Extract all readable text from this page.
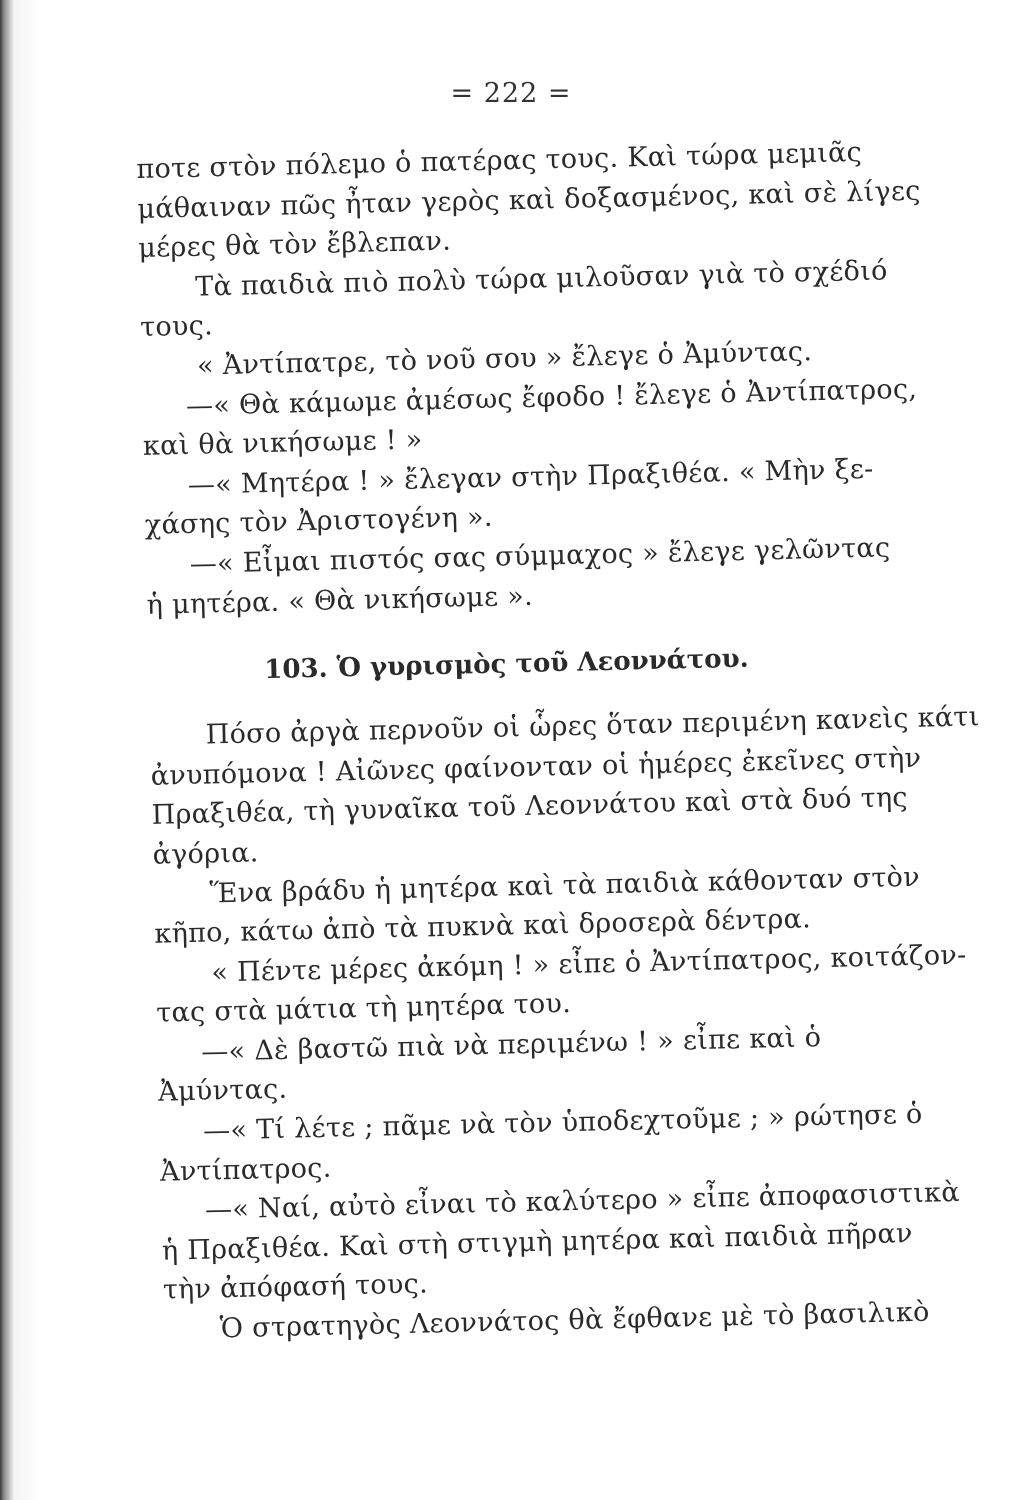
= 222 =
ποτε στὸν πόλεμο ὁ πατέρας τους. Καὶ τώρα μεμιᾶς
μάθαιναν πῶς ἦταν γερὸς καὶ δοξασμένος, καὶ σὲ λίγες
μέρες θὰ τὸν ἔβλεπαν.
Τὰ παιδιὰ πιὸ πολὺ τώρα μιλοῦσαν γιὰ τὸ σχέδιό
τους.
« Ἀντίπατρε, τὸ νοῦ σου » ἔλεγε ὁ Ἀμύντας.
—« Θὰ κάμωμε ἀμέσως ἔφοδο ! ἔλεγε ὁ Ἀντίπατρος,
καὶ θὰ νικήσωμε ! »
—« Μητέρα ! » ἔλεγαν στὴν Πραξιθέα. « Μὴν ξε-
χάσης τὸν Ἀριστογένη ».
—« Εἶμαι πιστός σας σύμμαχος » ἔλεγε γελῶντας
ἡ μητέρα. « Θὰ νικήσωμε ».
103. Ὁ γυρισμὸς τοῦ Λεοννάτου.
Πόσο ἀργὰ περνοῦν οἱ ὧρες ὅταν περιμένη κανεὶς κάτι
ἀνυπόμονα ! Αἰῶνες φαίνονταν οἱ ἡμέρες ἐκεῖνες στὴν
Πραξιθέα, τὴ γυναῖκα τοῦ Λεοννάτου καὶ στὰ δυό της
ἀγόρια.
Ἕνα βράδυ ἡ μητέρα καὶ τὰ παιδιὰ κάθονταν στὸν
κῆπο, κάτω ἀπὸ τὰ πυκνὰ καὶ δροσερὰ δέντρα.
« Πέντε μέρες ἀκόμη ! » εἶπε ὁ Ἀντίπατρος, κοιτάζον-
τας στὰ μάτια τὴ μητέρα του.
—« Δὲ βαστῶ πιὰ νὰ περιμένω ! » εἶπε καὶ ὁ
Ἀμύντας.
—« Τί λέτε ; πᾶμε νὰ τὸν ὑποδεχτοῦμε ; » ρώτησε ὁ
Ἀντίπατρος.
—« Ναί, αὐτὸ εἶναι τὸ καλύτερο » εἶπε ἀποφασιστικὰ
ἡ Πραξιθέα. Καὶ στὴ στιγμὴ μητέρα καὶ παιδιὰ πῆραν
τὴν ἀπόφασή τους.
Ὁ στρατηγὸς Λεοννάτος θὰ ἔφθανε μὲ τὸ βασιλικὸ
